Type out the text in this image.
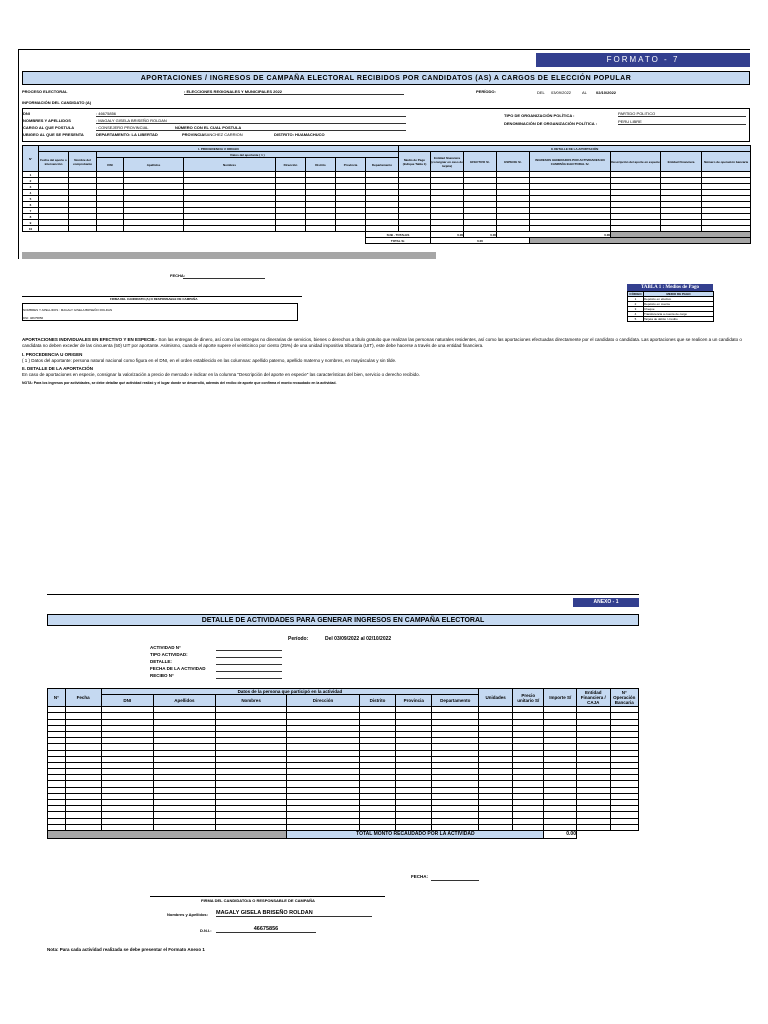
FORMATO - 7
APORTACIONES / INGRESOS DE CAMPAÑA ELECTORAL RECIBIDOS POR CANDIDATOS (AS) A CARGOS DE ELECCIÓN POPULAR
PROCESO ELECTORAL	: ELECCIONES REGIONALES Y MUNICIPALES 2022	PERÍODO:	DEL 03/09/2022	AL 02/10/2022
INFORMACIÓN DEL CANDIDATO (A)
DNI	: 46675856
NOMBRES Y APELLIDOS	: MAGALY GISELA BRISEÑO ROLDAN
CARGO AL QUE POSTULA	: CONSEJERO PROVINCIAL	NÚMERO CON EL CUAL POSTULA
UBIGEO AL QUE SE PRESENTA	DEPARTAMENTO: LA LIBERTAD	PROVINCIA:
SANCHEZ CARRION	DISTRITO: HUAMACHUCO
TIPO DE ORGANIZACIÓN POLÍTICA :	PARTIDO POLITICO
DENOMINACIÓN DE ORGANIZACIÓN POLÍTICA :	PERU LIBRE
N°	I. PROCEDENCIA U ORIGEN									II. DETALLE DE LA APORTACIÓN							
	Fecha del aporte o intervención	Nombre del comprobante	Datos del aportante ( 1 )							Medio de Pago (Indique Tabla 1)	Entidad financiera (consignar en caso de tarjeta)	EFECTIVO S/.	ESPECIE S/.	INGRESOS GENERADOS POR ACTIVIDADES EN CAMPAÑA ELECTORAL S/.	Descripción del aporte en especie	Entidad Financiera	Número de operación bancaria
			DNI	Apellidos	Nombres	Dirección	Distrito	Provincia	Departamento								
1																	
2																	
3																	
4																	
5																	
6																	
7																	
8																	
9																	
10																	
									SUB - TOTALES		0.00	0.00	0.00				
									TOTAL S/.		0.00						
FECHA:
FIRMA DEL CANDIDATO (A) O RESPONSABLE DE CAMPAÑA
NOMBRES Y APELLIDOS : MAGALY GISELA BRISEÑO ROLDAN
DNI: 46675856
TABLA 1 : Medios de Pago
CÓDIGO	MEDIO DE PAGO
1	Depósito en efectivo
2	Depósito en cuenta
3	Cheque
4	Transferencia a cuenta de cargo
5	Tarjeta de débito / crédito

APORTACIONES INDIVIDUALES EN EFECTIVO Y EN ESPECIE.- Son las entregas de dinero, así como las entregas no dinerarias de servicios, bienes o derechos a título gratuito que realizan las personas naturales residentes, así como las aportaciones efectuadas directamente por el candidato o candidata. Las aportaciones que se realicen a un candidato o candidata no deben exceder de las cincuenta (50) UIT por aportante. Asimismo, cuando el aporte supere el veinticinco por ciento (25%) de una unidad impositiva tributaria (UIT), este debe hacerse a través de una entidad financiera.

I. PROCEDENCIA U ORIGEN

( 1 ) Datos del aportante: persona natural nacional como figura en el DNI, en el orden establecido en las columnas: apellido paterno, apellido materno y nombres, en mayúsculas y sin tilde.

II. DETALLE DE LA APORTACIÓN

En caso de aportaciones en especie, consignar la valorización a precio de mercado e indicar en la columna "Descripción del aporte en especie" las características del bien, servicio o derecho recibido.

NOTA: Para los ingresos por actividades, se debe detallar qué actividad realizó y el lugar donde se desarrolló, además del recibo de aporte que confirma el monto recaudado en la actividad.

ANEXO - 1
DETALLE DE ACTIVIDADES PARA GENERAR INGRESOS EN CAMPAÑA ELECTORAL
Período:	Del 03/09/2022 al 02/10/2022
ACTIVIDAD N°
TIPO ACTIVIDAD:
DETALLE:
FECHA DE LA ACTIVIDAD
RECIBO N°
N°	Fecha	Datos de la persona que participó en la actividad							Unidades	Precio unitario S/	Importe S/	Entidad Financiera / CAJA	N° Operación Bancaria
		DNI	Apellidos	Nombres	Dirección	Distrito	Provincia	Departamento					

					TOTAL MONTO RECAUDADO POR LA ACTIVIDAD						0.00		
FECHA:
FIRMA DEL CANDIDATO/A O RESPONSABLE DE CAMPAÑA
Nombres y Apellidos: MAGALY GISELA BRISEÑO ROLDAN
D.N.I.:	46675856
Nota: Para cada actividad realizada se debe presentar el Formato Anexo 1
